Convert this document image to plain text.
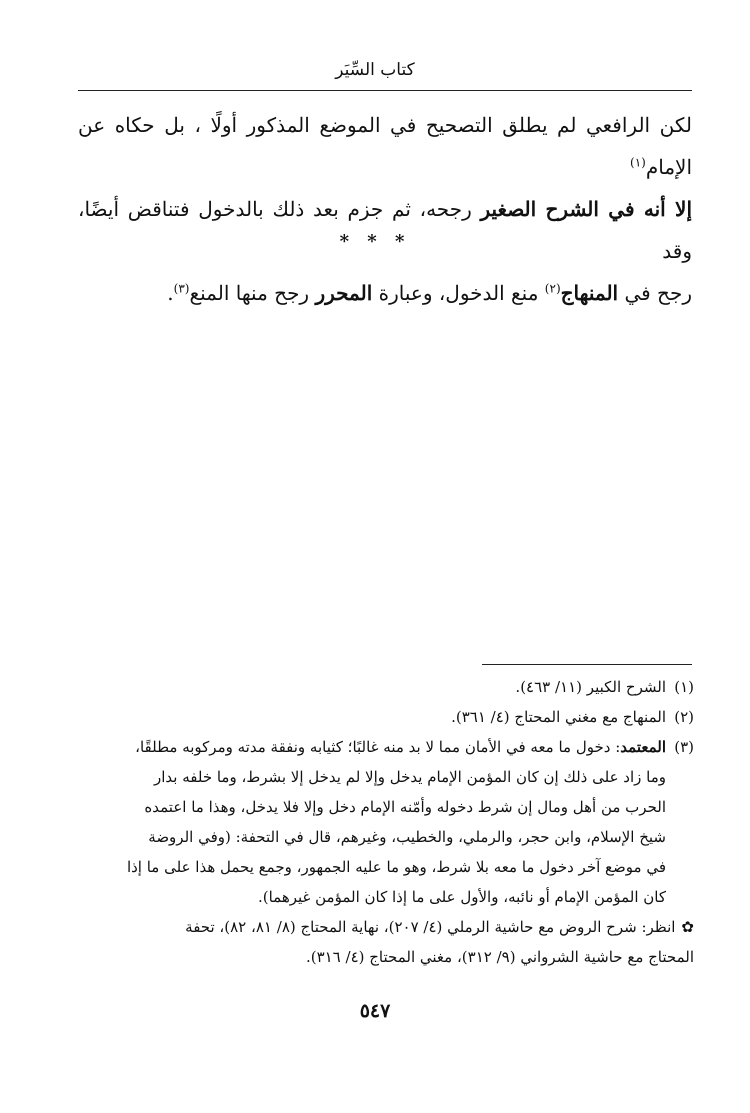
كتاب السِّيَر

لكن الرافعي لم يطلق التصحيح في الموضع المذكور أولًا ، بل حكاه عن الإمام$^{(١)}$

إلا أنه في الشرح الصغير رجحه، ثم جزم بعد ذلك بالدخول فتناقض أيضًا، وقد

رجح في المنهاج$^{(٢)}$ منع الدخول، وعبارة المحرر رجح منها المنع$^{(٣)}$.

* * *
(١)
الشرح الكبير (١١/ ٤٦٣).
(٢)
المنهاج مع مغني المحتاج (٤/ ٣٦١).
(٣)

المعتمد: دخول ما معه في الأمان مما لا بد منه غالبًا؛ كثيابه ونفقة مدته ومركوبه مطلقًا،

وما زاد على ذلك إن كان المؤمن الإمام يدخل وإلا لم يدخل إلا بشرط، وما خلفه بدار

الحرب من أهل ومال إن شرط دخوله وأمّنه الإمام دخل وإلا فلا يدخل، وهذا ما اعتمده

شيخ الإسلام، وابن حجر، والرملي، والخطيب، وغيرهم، قال في التحفة: (وفي الروضة

في موضع آخر دخول ما معه بلا شرط، وهو ما عليه الجمهور، وجمع يحمل هذا على ما إذا

كان المؤمن الإمام أو نائبه، والأول على ما إذا كان المؤمن غيرهما).

✿انظر: شرح الروض مع حاشية الرملي (٤/ ٢٠٧)، نهاية المحتاج (٨/ ٨١، ٨٢)، تحفة

المحتاج مع حاشية الشرواني (٩/ ٣١٢)، مغني المحتاج (٤/ ٣١٦).

٥٤٧
